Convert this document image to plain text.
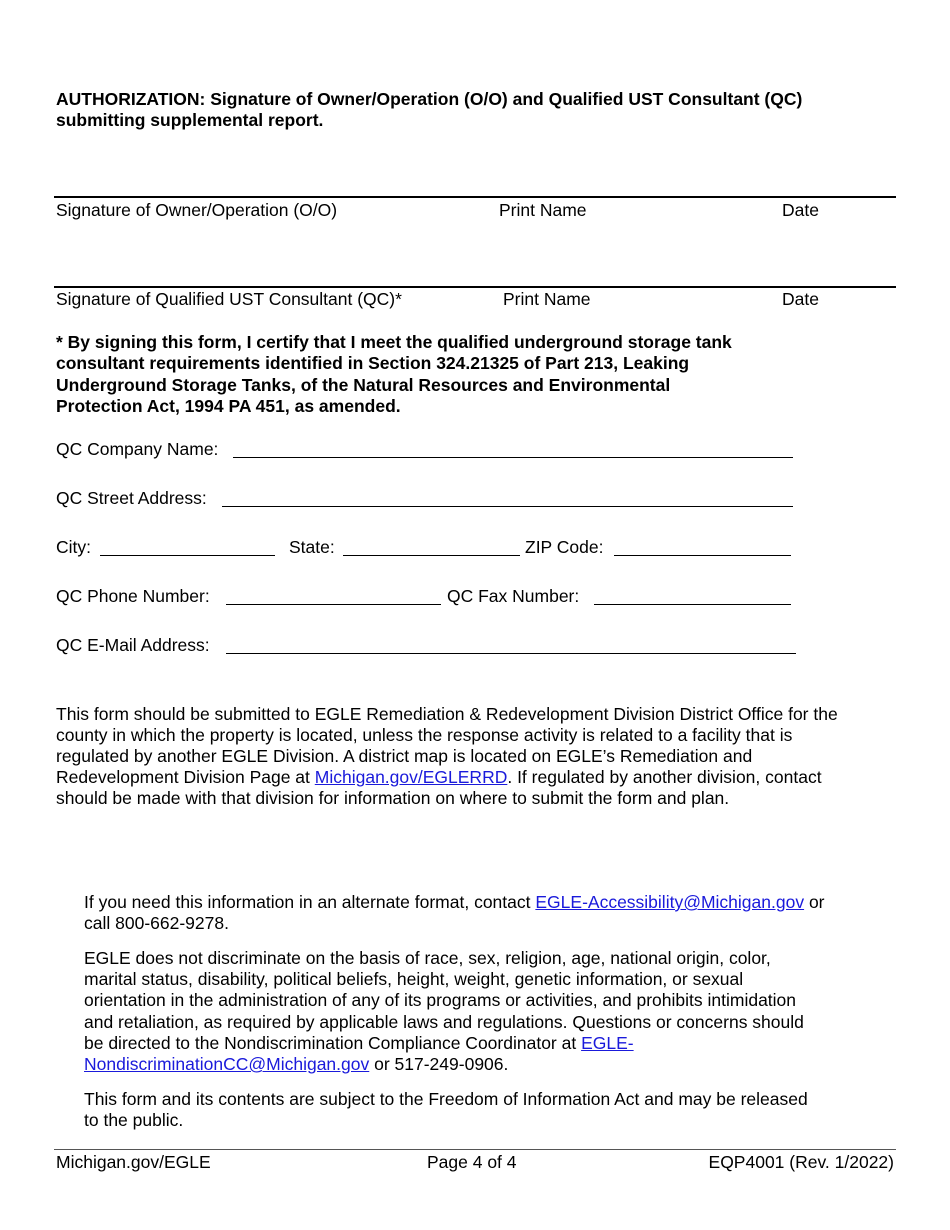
AUTHORIZATION: Signature of Owner/Operation (O/O) and Qualified UST Consultant (QC)
submitting supplemental report.
Signature of Owner/Operation (O/O)	Print Name	Date
Signature of Qualified UST Consultant (QC)*	Print Name	Date
* By signing this form, I certify that I meet the qualified underground storage tank
consultant requirements identified in Section 324.21325 of Part 213, Leaking
Underground Storage Tanks, of the Natural Resources and Environmental
Protection Act, 1994 PA 451, as amended.
QC Company Name:
QC Street Address:
City:	State:	ZIP Code:
QC Phone Number:	QC Fax Number:
QC E-Mail Address:
This form should be submitted to EGLE Remediation & Redevelopment Division District Office for the
county in which the property is located, unless the response activity is related to a facility that is
regulated by another EGLE Division. A district map is located on EGLE’s Remediation and
Redevelopment Division Page at Michigan.gov/EGLERRD. If regulated by another division, contact
should be made with that division for information on where to submit the form and plan.
If you need this information in an alternate format, contact EGLE-Accessibility@Michigan.gov or
call 800-662-9278.
EGLE does not discriminate on the basis of race, sex, religion, age, national origin, color,
marital status, disability, political beliefs, height, weight, genetic information, or sexual
orientation in the administration of any of its programs or activities, and prohibits intimidation
and retaliation, as required by applicable laws and regulations. Questions or concerns should
be directed to the Nondiscrimination Compliance Coordinator at EGLE-
NondiscriminationCC@Michigan.gov or 517-249-0906.
This form and its contents are subject to the Freedom of Information Act and may be released
to the public.
Michigan.gov/EGLE	Page 4 of 4	EQP4001 (Rev. 1/2022)
